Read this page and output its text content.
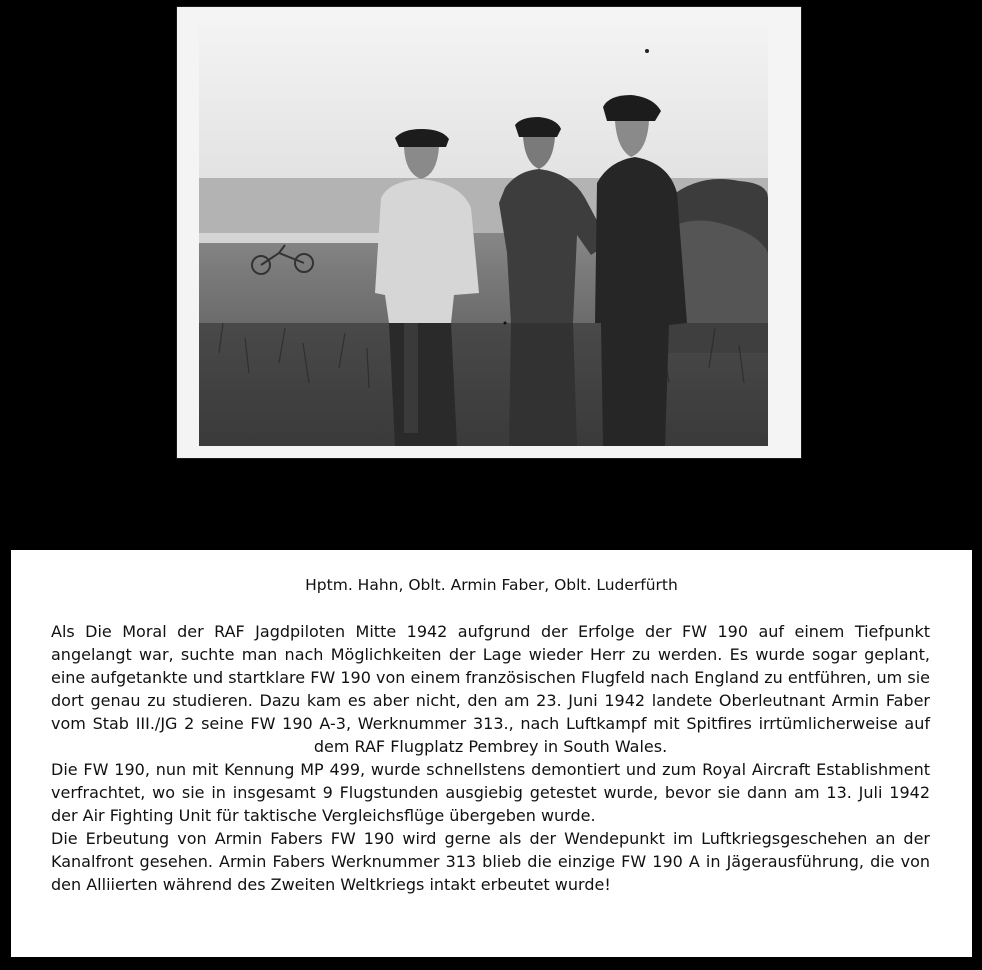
Hptm. Hahn, Oblt. Armin Faber, Oblt. Luderfürth

Als Die Moral der RAF Jagdpiloten Mitte 1942 aufgrund der Erfolge der FW 190 auf einem Tiefpunkt angelangt war, suchte man nach Möglichkeiten der Lage wieder Herr zu werden. Es wurde sogar geplant, eine aufgetankte und startklare FW 190 von einem französischen Flugfeld nach England zu entführen, um sie dort genau zu studieren. Dazu kam es aber nicht, den am 23. Juni 1942 landete Oberleutnant Armin Faber vom Stab III./JG 2 seine FW 190 A-3, Werknummer 313., nach Luftkampf mit Spitfires irrtümlicherweise auf dem RAF Flugplatz Pembrey in South Wales.

Die FW 190, nun mit Kennung MP 499, wurde schnellstens demontiert und zum Royal Aircraft Establishment verfrachtet, wo sie in insgesamt 9 Flugstunden ausgiebig getestet wurde, bevor sie dann am 13. Juli 1942 der Air Fighting Unit für taktische Vergleichsflüge übergeben wurde.

Die Erbeutung von Armin Fabers FW 190 wird gerne als der Wendepunkt im Luftkriegsgeschehen an der Kanalfront gesehen. Armin Fabers Werknummer 313 blieb die einzige FW 190 A in Jägerausführung, die von den Alliierten während des Zweiten Weltkriegs intakt erbeutet wurde!
